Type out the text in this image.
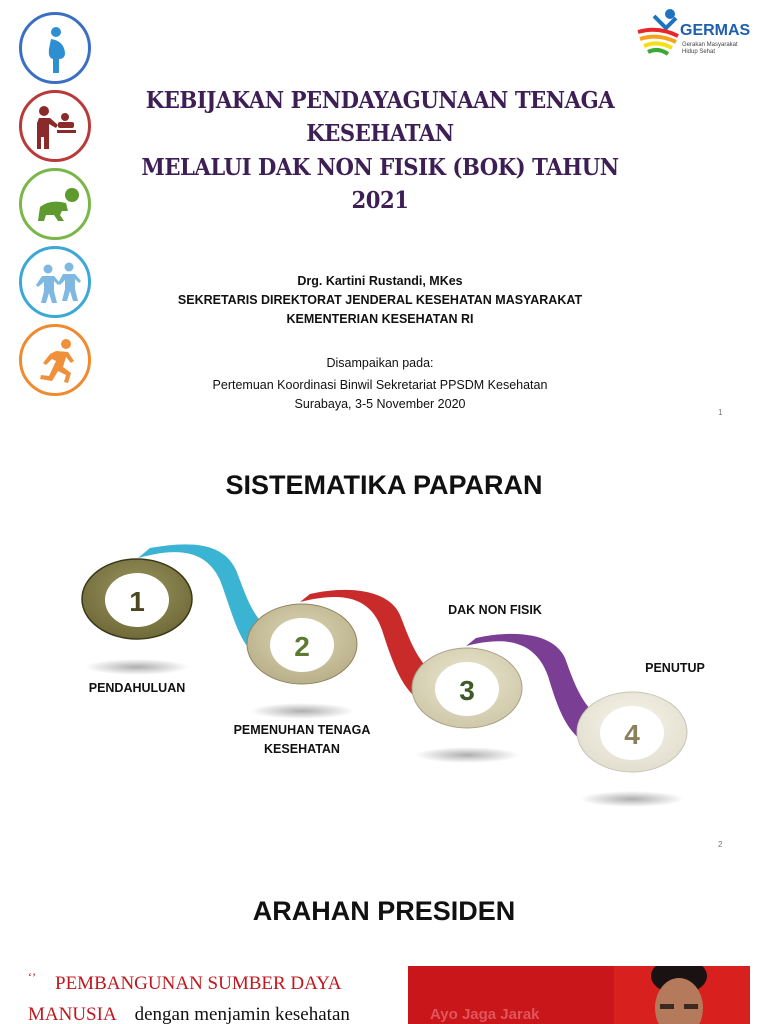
GERMAS
Gerakan Masyarakat
Hidup Sehat
KEBIJAKAN PENDAYAGUNAAN TENAGA KESEHATAN
MELALUI DAK NON FISIK (BOK) TAHUN 2021
Drg. Kartini Rustandi, MKes
SEKRETARIS DIREKTORAT JENDERAL KESEHATAN MASYARAKAT
KEMENTERIAN KESEHATAN RI
Disampaikan pada:
Pertemuan Koordinasi Binwil Sekretariat PPSDM Kesehatan
Surabaya, 3-5 November 2020
1
SISTEMATIKA PAPARAN
1
2
3
4
PENDAHULUAN
PEMENUHAN TENAGA
KESEHATAN
DAK NON FISIK
PENUTUP
2
ARAHAN PRESIDEN
‘’ PEMBANGUNAN SUMBER DAYA
MANUSIA dengan menjamin kesehatan	Ayo Jaga Jarak
